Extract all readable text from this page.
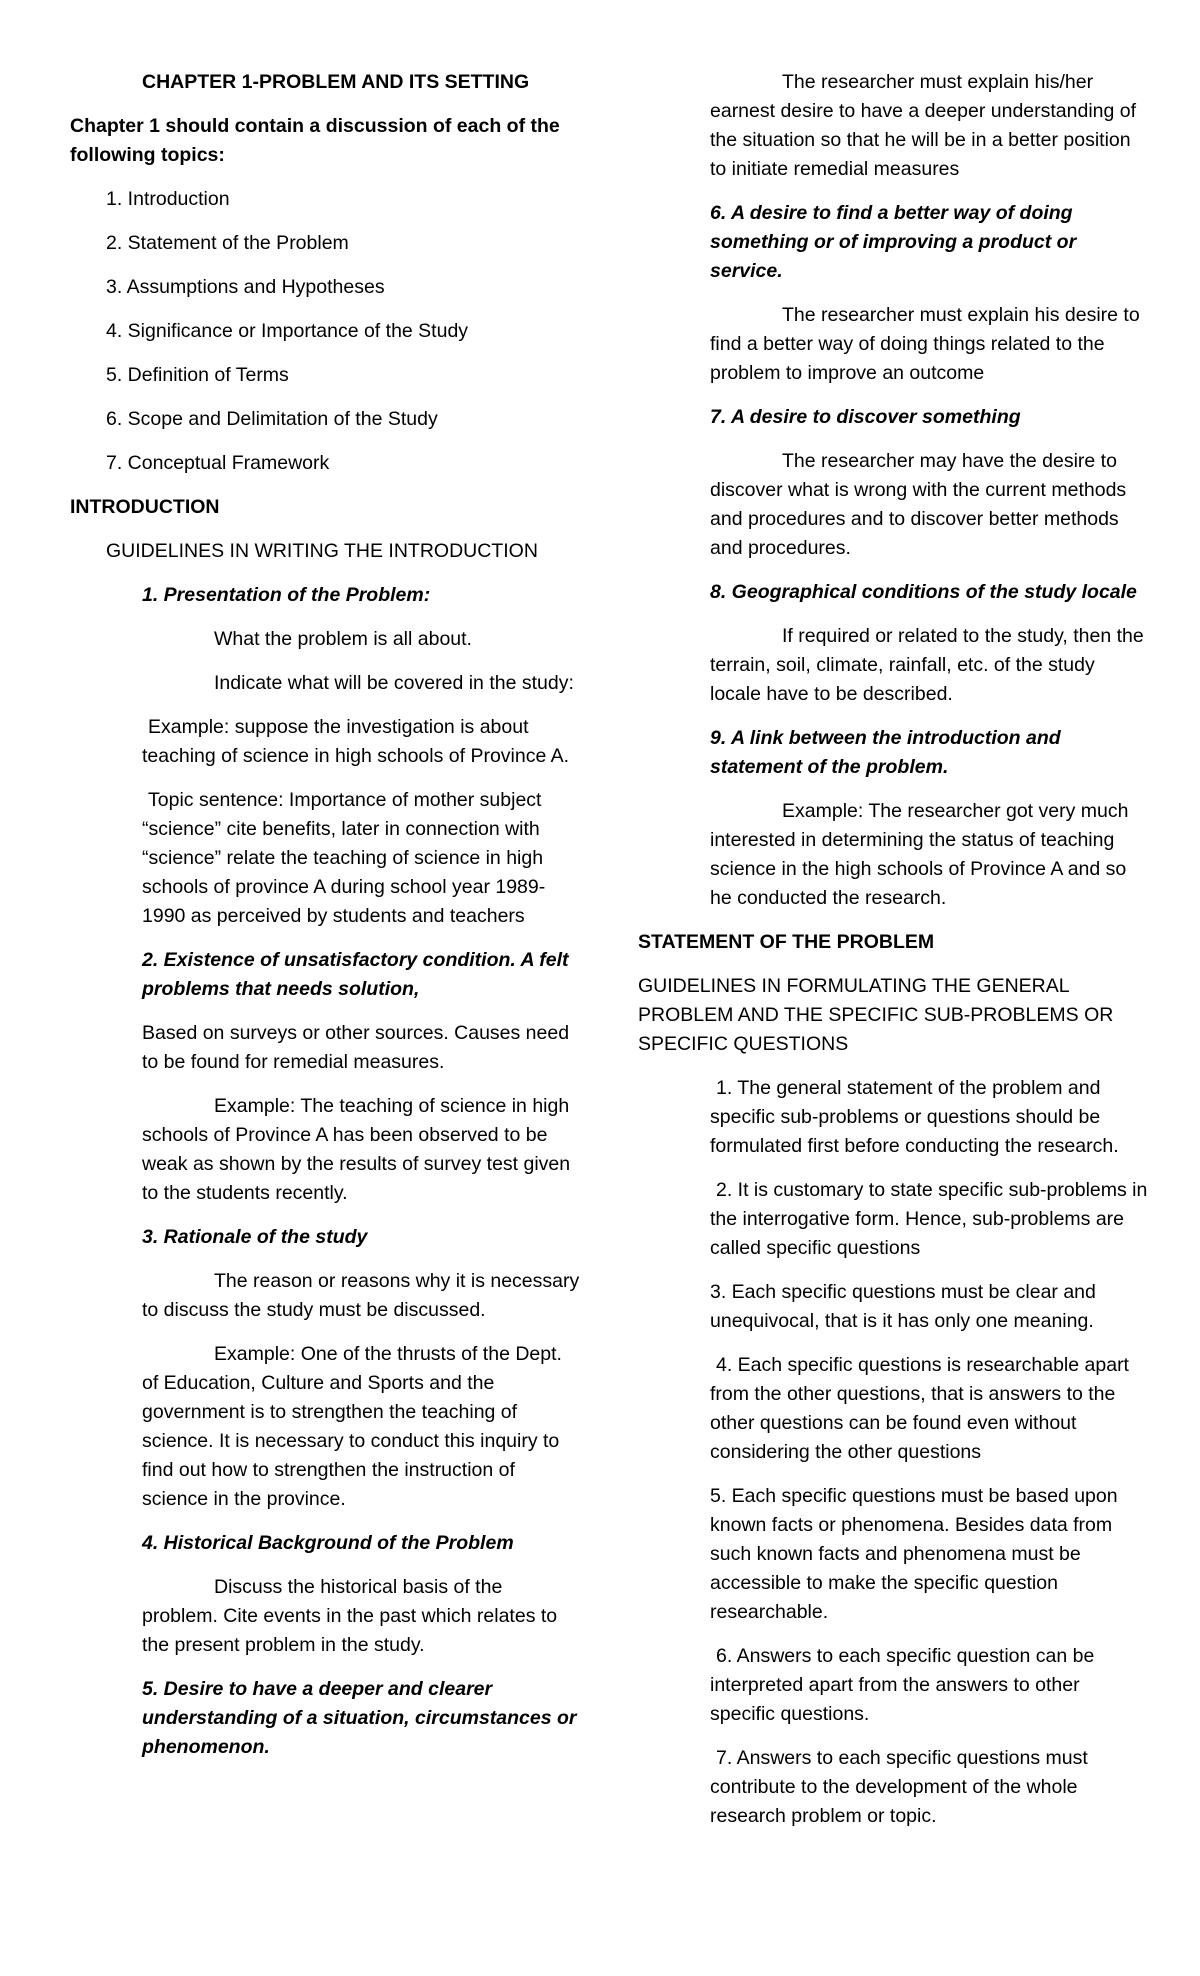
CHAPTER 1-PROBLEM AND ITS SETTING

Chapter 1 should contain a discussion of each of the following topics:

1. Introduction

2. Statement of the Problem

3. Assumptions and Hypotheses

4. Significance or Importance of the Study

5. Definition of Terms

6. Scope and Delimitation of the Study

7. Conceptual Framework

INTRODUCTION

GUIDELINES IN WRITING THE INTRODUCTION

1. Presentation of the Problem:

What the problem is all about.

Indicate what will be covered in the study:

Example: suppose the investigation is about teaching of science in high schools of Province A.

Topic sentence: Importance of mother subject “science” cite benefits, later in connection with “science” relate the teaching of science in high schools of province A during school year 1989-1990 as perceived by students and teachers

2. Existence of unsatisfactory condition. A felt problems that needs solution,

Based on surveys or other sources. Causes need to be found for remedial measures.

Example: The teaching of science in high schools of Province A has been observed to be weak as shown by the results of survey test given to the students recently.

3. Rationale of the study

The reason or reasons why it is necessary to discuss the study must be discussed.

Example: One of the thrusts of the Dept. of Education, Culture and Sports and the government is to strengthen the teaching of science. It is necessary to conduct this inquiry to find out how to strengthen the instruction of science in the province.

4. Historical Background of the Problem

Discuss the historical basis of the problem. Cite events in the past which relates to the present problem in the study.

5. Desire to have a deeper and clearer understanding of a situation, circumstances or phenomenon.

The researcher must explain his/her earnest desire to have a deeper understanding of the situation so that he will be in a better position to initiate remedial measures

6. A desire to find a better way of doing something or of improving a product or service.

The researcher must explain his desire to find a better way of doing things related to the problem to improve an outcome

7. A desire to discover something

The researcher may have the desire to discover what is wrong with the current methods and procedures and to discover better methods and procedures.

8. Geographical conditions of the study locale

If required or related to the study, then the terrain, soil, climate, rainfall, etc. of the study locale have to be described.

9. A link between the introduction and statement of the problem.

Example: The researcher got very much interested in determining the status of teaching science in the high schools of Province A and so he conducted the research.

STATEMENT OF THE PROBLEM

GUIDELINES IN FORMULATING THE GENERAL PROBLEM AND THE SPECIFIC SUB-PROBLEMS OR SPECIFIC QUESTIONS

1. The general statement of the problem and specific sub-problems or questions should be formulated first before conducting the research.

2. It is customary to state specific sub-problems in the interrogative form. Hence, sub-problems are called specific questions

3. Each specific questions must be clear and unequivocal, that is it has only one meaning.

4. Each specific questions is researchable apart from the other questions, that is answers to the other questions can be found even without considering the other questions

5. Each specific questions must be based upon known facts or phenomena. Besides data from such known facts and phenomena must be accessible to make the specific question researchable.

6. Answers to each specific question can be interpreted apart from the answers to other specific questions.

7. Answers to each specific questions must contribute to the development of the whole research problem or topic.
